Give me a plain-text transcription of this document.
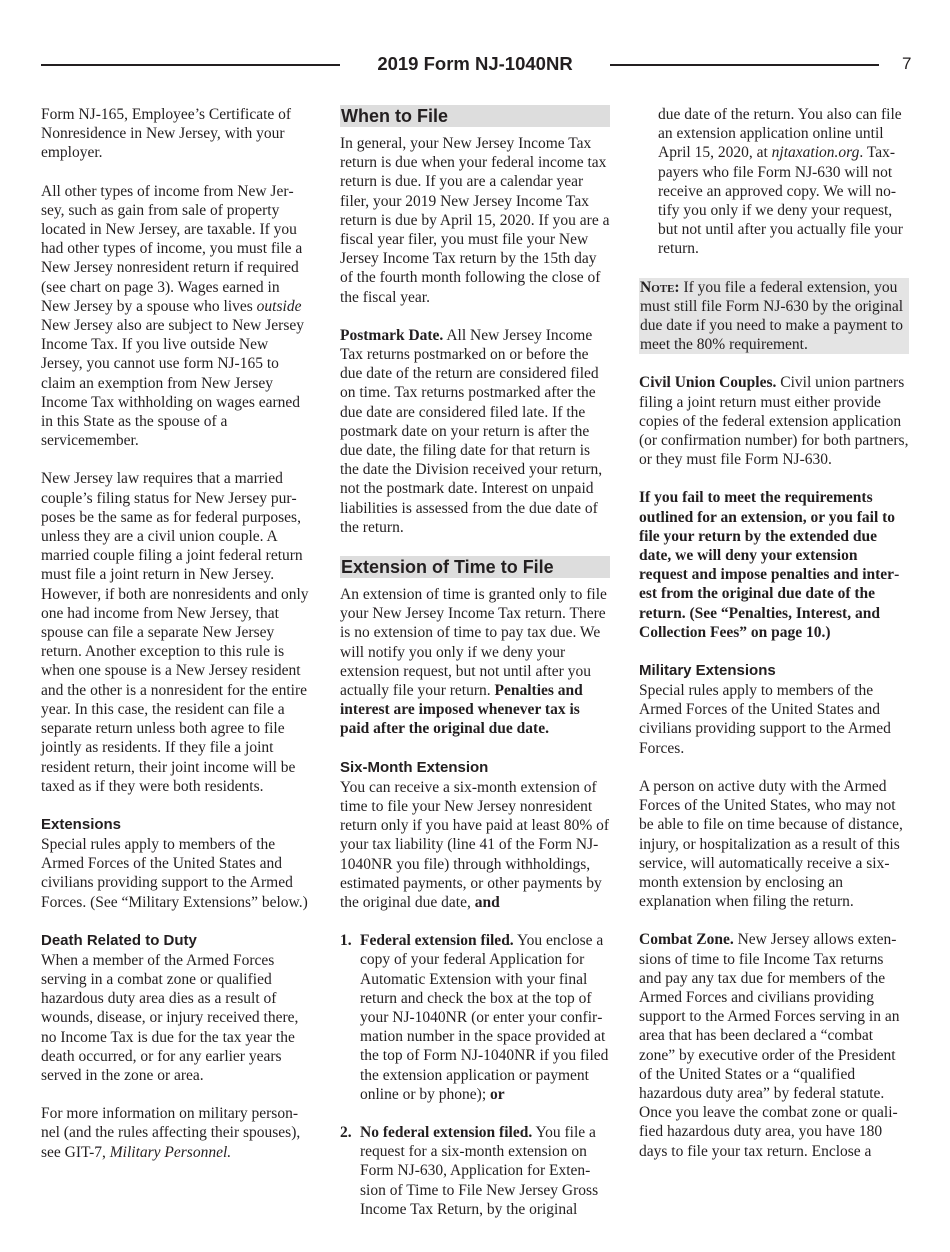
2019 Form NJ-1040NR	7

Form NJ-165, Employee’s Certificate of Nonresidence in New Jersey, with your employer.

All other types of income from New Jersey, such as gain from sale of property located in New Jersey, are taxable. If you had other types of income, you must file a New Jersey nonresident return if required (see chart on page 3). Wages earned in New Jersey by a spouse who lives outside New Jersey also are subject to New Jersey Income Tax. If you live outside New Jersey, you cannot use form NJ-165 to claim an exemption from New Jersey Income Tax withholding on wages earned in this State as the spouse of a servicemember.

New Jersey law requires that a married couple’s filing status for New Jersey purposes be the same as for federal purposes, unless they are a civil union couple. A married couple filing a joint federal return must file a joint return in New Jersey. However, if both are nonresidents and only one had income from New Jersey, that spouse can file a separate New Jersey return. Another exception to this rule is when one spouse is a New Jersey resident and the other is a nonresident for the entire year. In this case, the resident can file a separate return unless both agree to file jointly as residents. If they file a joint resident return, their joint income will be taxed as if they were both residents.

Extensions

Special rules apply to members of the Armed Forces of the United States and civilians providing support to the Armed Forces. (See “Military Extensions” below.)

Death Related to Duty

When a member of the Armed Forces serving in a combat zone or qualified hazardous duty area dies as a result of wounds, disease, or injury received there, no Income Tax is due for the tax year the death occurred, or for any earlier years served in the zone or area.

For more information on military personnel (and the rules affecting their spouses), see GIT-7, Military Personnel.

When to File

In general, your New Jersey Income Tax return is due when your federal income tax return is due. If you are a calendar year filer, your 2019 New Jersey Income Tax return is due by April 15, 2020. If you are a fiscal year filer, you must file your New Jersey Income Tax return by the 15th day of the fourth month following the close of the fiscal year.

Postmark Date. All New Jersey Income Tax returns postmarked on or before the due date of the return are considered filed on time. Tax returns postmarked after the due date are considered filed late. If the postmark date on your return is after the due date, the filing date for that return is the date the Division received your return, not the postmark date. Interest on unpaid liabilities is assessed from the due date of the return.

Extension of Time to File

An extension of time is granted only to file your New Jersey Income Tax return. There is no extension of time to pay tax due. We will notify you only if we deny your extension request, but not until after you actually file your return. Penalties and interest are imposed whenever tax is paid after the original due date.

Six-Month Extension

You can receive a six-month extension of time to file your New Jersey nonresident return only if you have paid at least 80% of your tax liability (line 41 of the Form NJ-1040NR you file) through withholdings, estimated payments, or other payments by the original due date, and

1. Federal extension filed. You enclose a copy of your federal Application for Automatic Extension with your final return and check the box at the top of your NJ-1040NR (or enter your confirmation number in the space provided at the top of Form NJ-1040NR if you filed the extension application or payment online or by phone); or
2. No federal extension filed. You file a request for a six-month extension on Form NJ-630, Application for Extension of Time to File New Jersey Gross Income Tax Return, by the original

due date of the return. You also can file an extension application online until April 15, 2020, at njtaxation.org. Taxpayers who file Form NJ-630 will not receive an approved copy. We will notify you only if we deny your request, but not until after you actually file your return.

Note: If you file a federal extension, you must still file Form NJ-630 by the original due date if you need to make a payment to meet the 80% requirement.

Civil Union Couples. Civil union partners filing a joint return must either provide copies of the federal extension application (or confirmation number) for both partners, or they must file Form NJ-630.

If you fail to meet the requirements outlined for an extension, or you fail to file your return by the extended due date, we will deny your extension request and impose penalties and interest from the original due date of the return. (See “Penalties, Interest, and Collection Fees” on page 10.)

Military Extensions

Special rules apply to members of the Armed Forces of the United States and civilians providing support to the Armed Forces.

A person on active duty with the Armed Forces of the United States, who may not be able to file on time because of distance, injury, or hospitalization as a result of this service, will automatically receive a six-month extension by enclosing an explanation when filing the return.

Combat Zone. New Jersey allows extensions of time to file Income Tax returns and pay any tax due for members of the Armed Forces and civilians providing support to the Armed Forces serving in an area that has been declared a “combat zone” by executive order of the President of the United States or a “qualified hazardous duty area” by federal statute. Once you leave the combat zone or qualified hazardous duty area, you have 180 days to file your tax return. Enclose a
